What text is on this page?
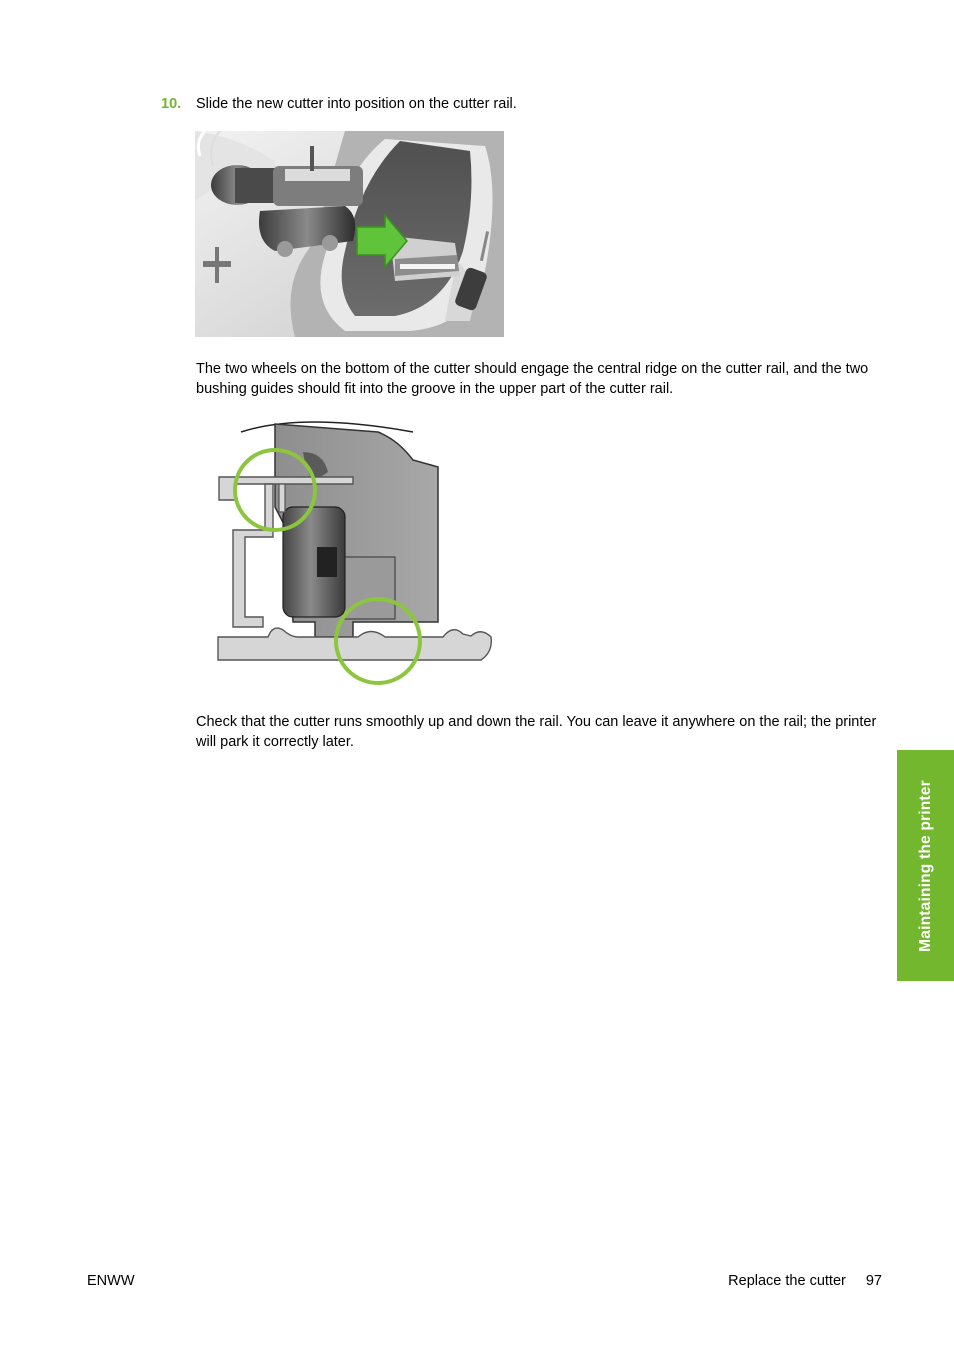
10. Slide the new cutter into position on the cutter rail.
The two wheels on the bottom of the cutter should engage the central ridge on the cutter rail, and the two bushing guides should fit into the groove in the upper part of the cutter rail.
Check that the cutter runs smoothly up and down the rail. You can leave it anywhere on the rail; the printer will park it correctly later.
Maintaining the printer
ENWW	Replace the cutter 97
